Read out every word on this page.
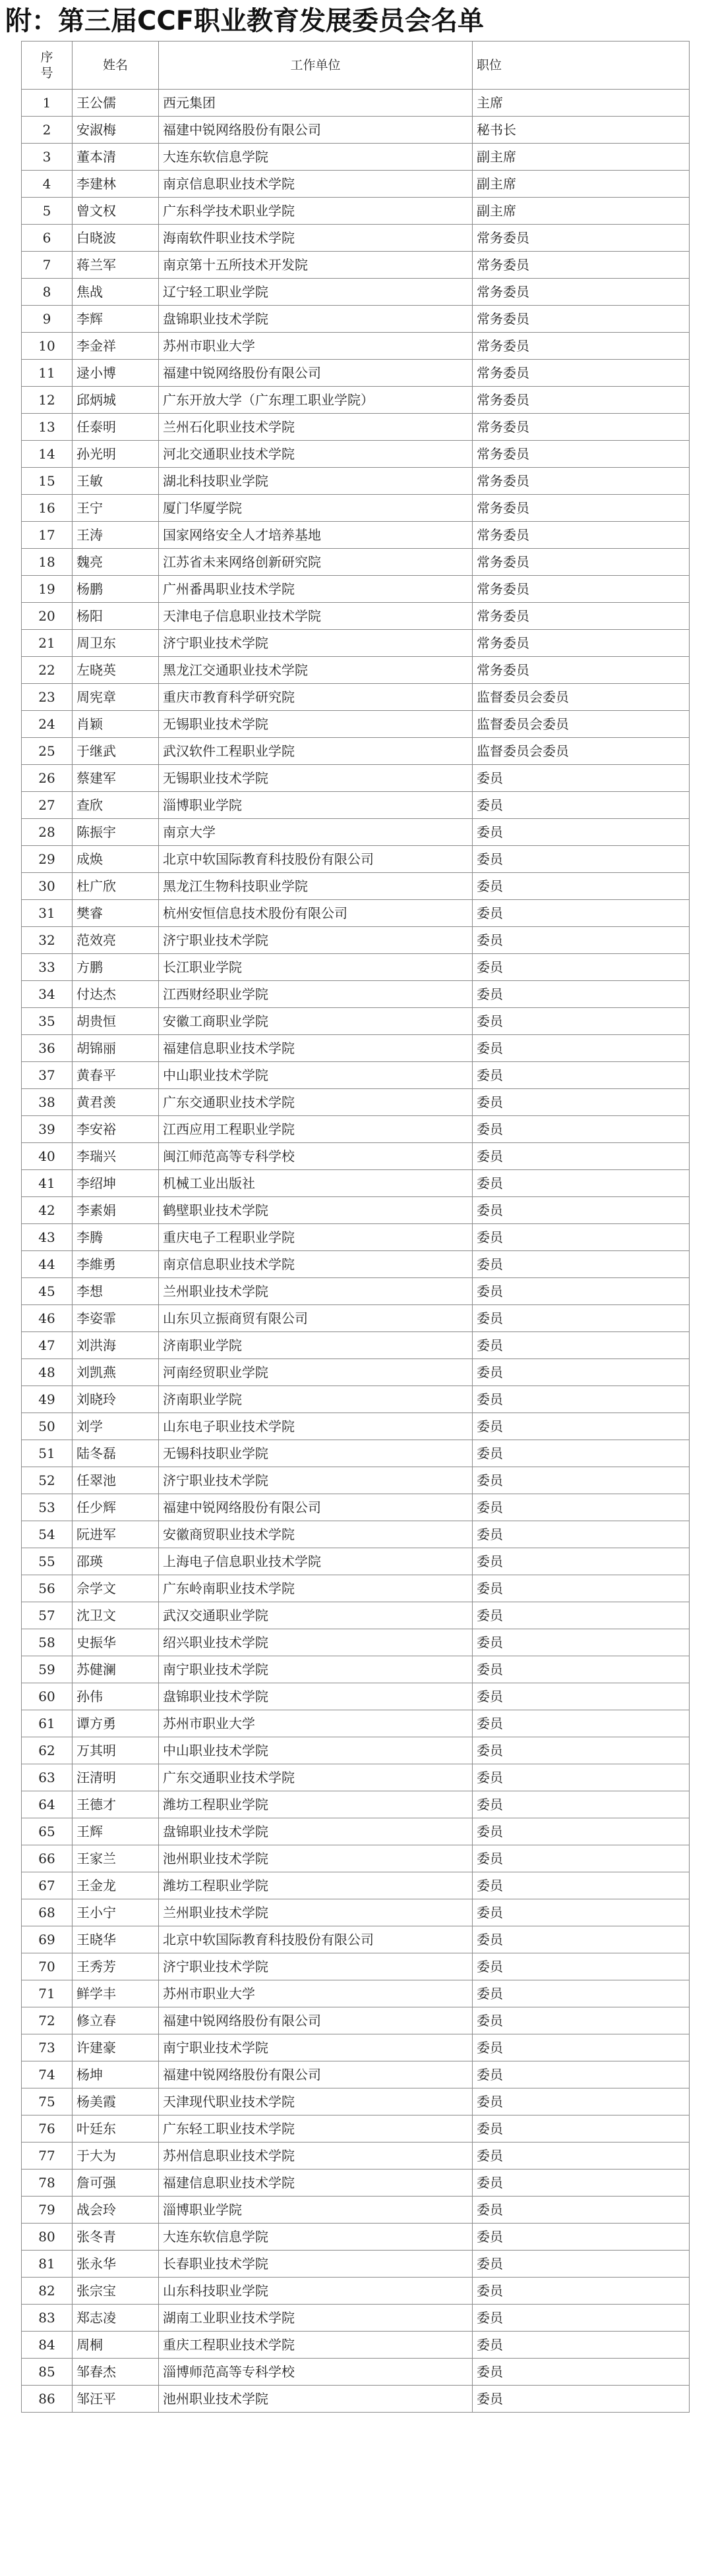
附：第三届CCF职业教育发展委员会名单
序
号	姓名	工作单位	职位
1	王公儒	西元集团	主席
2	安淑梅	福建中锐网络股份有限公司	秘书长
3	董本清	大连东软信息学院	副主席
4	李建林	南京信息职业技术学院	副主席
5	曾文权	广东科学技术职业学院	副主席
6	白晓波	海南软件职业技术学院	常务委员
7	蒋兰军	南京第十五所技术开发院	常务委员
8	焦战	辽宁轻工职业学院	常务委员
9	李辉	盘锦职业技术学院	常务委员
10	李金祥	苏州市职业大学	常务委员
11	逯小博	福建中锐网络股份有限公司	常务委员
12	邱炳城	广东开放大学（广东理工职业学院）	常务委员
13	任泰明	兰州石化职业技术学院	常务委员
14	孙光明	河北交通职业技术学院	常务委员
15	王敏	湖北科技职业学院	常务委员
16	王宁	厦门华厦学院	常务委员
17	王涛	国家网络安全人才培养基地	常务委员
18	魏亮	江苏省未来网络创新研究院	常务委员
19	杨鹏	广州番禺职业技术学院	常务委员
20	杨阳	天津电子信息职业技术学院	常务委员
21	周卫东	济宁职业技术学院	常务委员
22	左晓英	黑龙江交通职业技术学院	常务委员
23	周宪章	重庆市教育科学研究院	监督委员会委员
24	肖颖	无锡职业技术学院	监督委员会委员
25	于继武	武汉软件工程职业学院	监督委员会委员
26	蔡建军	无锡职业技术学院	委员
27	查欣	淄博职业学院	委员
28	陈振宇	南京大学	委员
29	成焕	北京中软国际教育科技股份有限公司	委员
30	杜广欣	黑龙江生物科技职业学院	委员
31	樊睿	杭州安恒信息技术股份有限公司	委员
32	范效亮	济宁职业技术学院	委员
33	方鹏	长江职业学院	委员
34	付达杰	江西财经职业学院	委员
35	胡贵恒	安徽工商职业学院	委员
36	胡锦丽	福建信息职业技术学院	委员
37	黄春平	中山职业技术学院	委员
38	黄君羡	广东交通职业技术学院	委员
39	李安裕	江西应用工程职业学院	委员
40	李瑞兴	闽江师范高等专科学校	委员
41	李绍坤	机械工业出版社	委员
42	李素娟	鹤壁职业技术学院	委员
43	李腾	重庆电子工程职业学院	委员
44	李維勇	南京信息职业技术学院	委员
45	李想	兰州职业技术学院	委员
46	李姿霏	山东贝立振商贸有限公司	委员
47	刘洪海	济南职业学院	委员
48	刘凯燕	河南经贸职业学院	委员
49	刘晓玲	济南职业学院	委员
50	刘学	山东电子职业技术学院	委员
51	陆冬磊	无锡科技职业学院	委员
52	任翠池	济宁职业技术学院	委员
53	任少辉	福建中锐网络股份有限公司	委员
54	阮进军	安徽商贸职业技术学院	委员
55	邵瑛	上海电子信息职业技术学院	委员
56	佘学文	广东岭南职业技术学院	委员
57	沈卫文	武汉交通职业学院	委员
58	史振华	绍兴职业技术学院	委员
59	苏健澜	南宁职业技术学院	委员
60	孙伟	盘锦职业技术学院	委员
61	谭方勇	苏州市职业大学	委员
62	万其明	中山职业技术学院	委员
63	汪清明	广东交通职业技术学院	委员
64	王德才	潍坊工程职业学院	委员
65	王辉	盘锦职业技术学院	委员
66	王家兰	池州职业技术学院	委员
67	王金龙	潍坊工程职业学院	委员
68	王小宁	兰州职业技术学院	委员
69	王晓华	北京中软国际教育科技股份有限公司	委员
70	王秀芳	济宁职业技术学院	委员
71	鲜学丰	苏州市职业大学	委员
72	修立春	福建中锐网络股份有限公司	委员
73	许建豪	南宁职业技术学院	委员
74	杨坤	福建中锐网络股份有限公司	委员
75	杨美霞	天津现代职业技术学院	委员
76	叶廷东	广东轻工职业技术学院	委员
77	于大为	苏州信息职业技术学院	委员
78	詹可强	福建信息职业技术学院	委员
79	战会玲	淄博职业学院	委员
80	张冬青	大连东软信息学院	委员
81	张永华	长春职业技术学院	委员
82	张宗宝	山东科技职业学院	委员
83	郑志凌	湖南工业职业技术学院	委员
84	周桐	重庆工程职业技术学院	委员
85	邹春杰	淄博师范高等专科学校	委员
86	邹汪平	池州职业技术学院	委员
